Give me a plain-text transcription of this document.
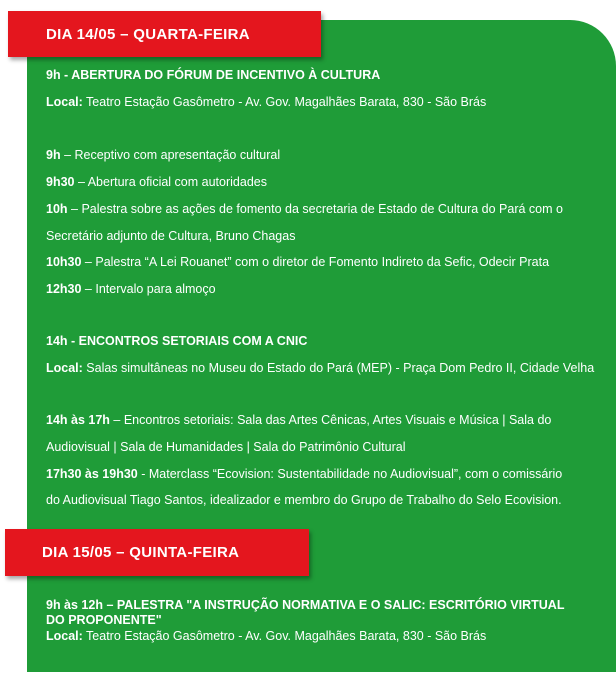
DIA 14/05 – QUARTA-FEIRA
9h - ABERTURA DO FÓRUM DE INCENTIVO À CULTURA
Local: Teatro Estação Gasômetro - Av. Gov. Magalhães Barata, 830 - São Brás
9h – Receptivo com apresentação cultural
9h30 – Abertura oficial com autoridades
10h – Palestra sobre as ações de fomento da secretaria de Estado de Cultura do Pará com o
Secretário adjunto de Cultura, Bruno Chagas
10h30 – Palestra “A Lei Rouanet” com o diretor de Fomento Indireto da Sefic, Odecir Prata
12h30 – Intervalo para almoço
14h - ENCONTROS SETORIAIS COM A CNIC
Local: Salas simultâneas no Museu do Estado do Pará (MEP) - Praça Dom Pedro II, Cidade Velha
14h às 17h – Encontros setoriais: Sala das Artes Cênicas, Artes Visuais e Música | Sala do
Audiovisual | Sala de Humanidades | Sala do Patrimônio Cultural
17h30 às 19h30 - Materclass “Ecovision: Sustentabilidade no Audiovisual”, com o comissário
do Audiovisual Tiago Santos, idealizador e membro do Grupo de Trabalho do Selo Ecovision.
DIA 15/05 – QUINTA-FEIRA
9h às 12h – PALESTRA "A INSTRUÇÃO NORMATIVA E O SALIC: ESCRITÓRIO VIRTUAL
DO PROPONENTE"
Local: Teatro Estação Gasômetro - Av. Gov. Magalhães Barata, 830 - São Brás
